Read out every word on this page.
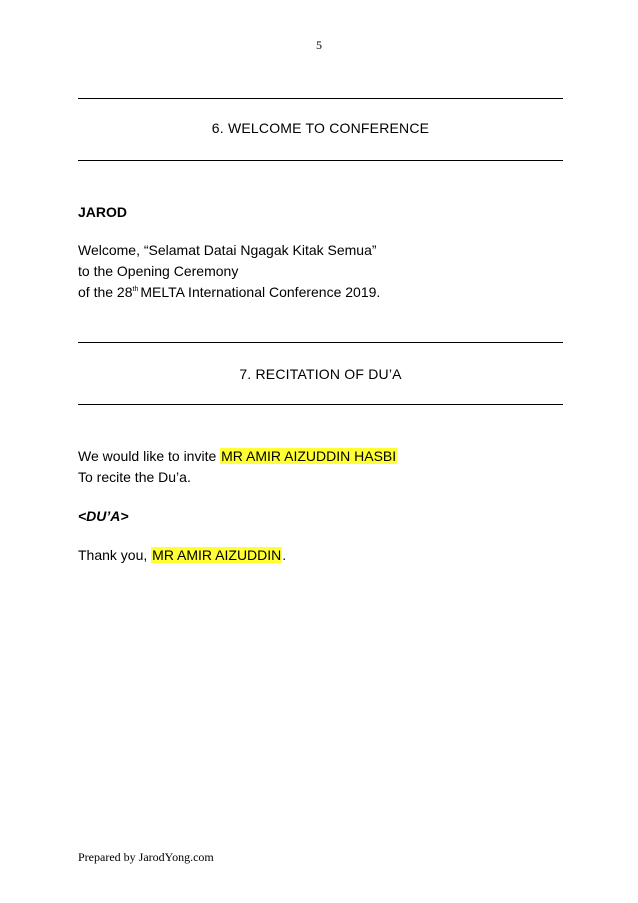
5
6. WELCOME TO CONFERENCE
JAROD
Welcome, “Selamat Datai Ngagak Kitak Semua”
to the Opening Ceremony
of the 28th MELTA International Conference 2019.
7. RECITATION OF DU’A
We would like to invite MR AMIR AIZUDDIN HASBI
To recite the Du’a.
<DU’A>
Thank you, MR AMIR AIZUDDIN.
Prepared by JarodYong.com
